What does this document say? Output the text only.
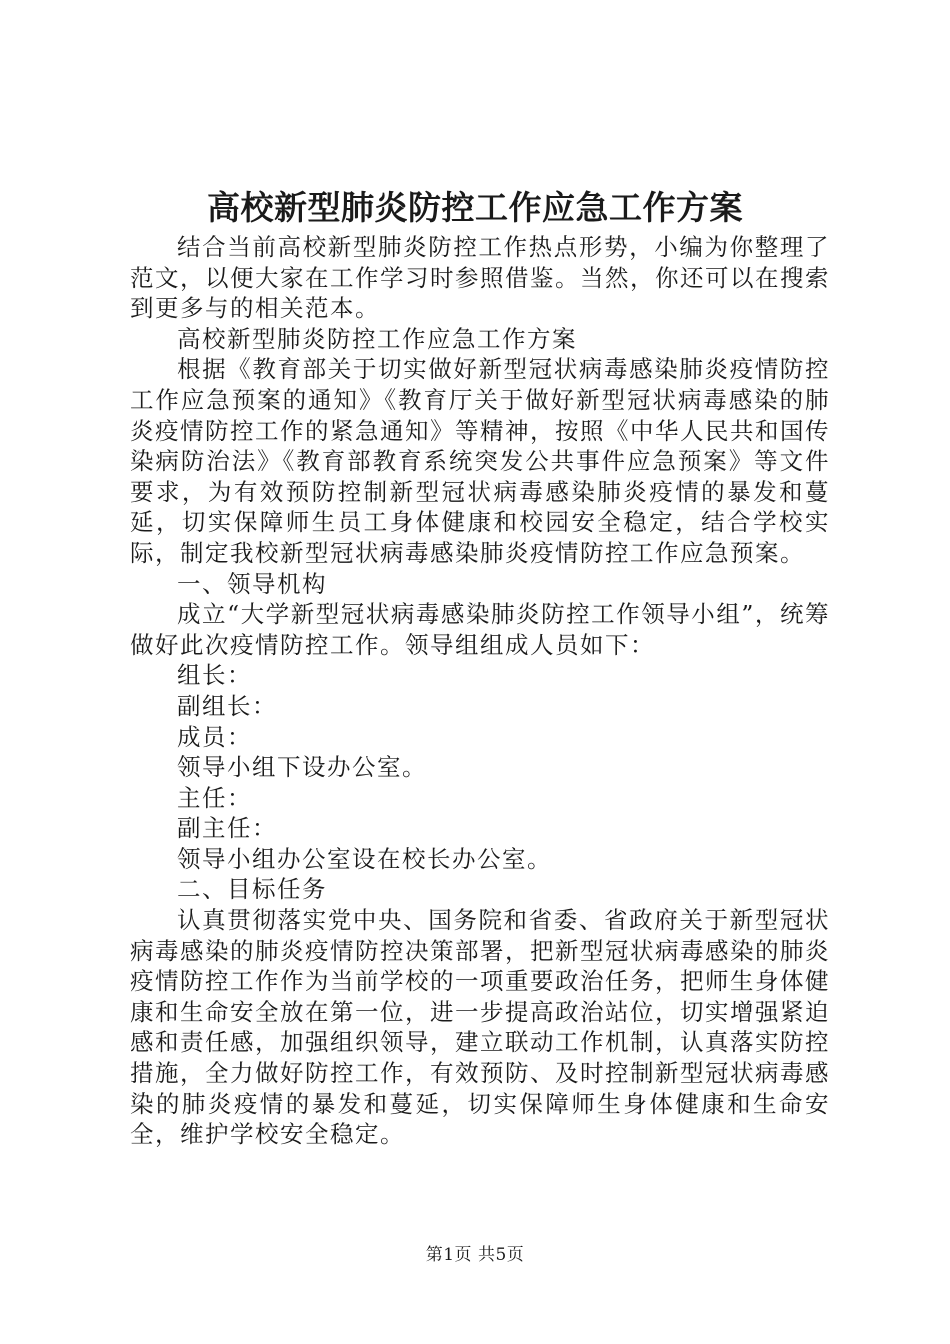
高校新型肺炎防控工作应急工作方案

结合当前高校新型肺炎防控工作热点形势，小编为你整理了范文，以便大家在工作学习时参照借鉴。当然，你还可以在搜索到更多与的相关范本。

高校新型肺炎防控工作应急工作方案

根据《教育部关于切实做好新型冠状病毒感染肺炎疫情防控工作应急预案的通知》《教育厅关于做好新型冠状病毒感染的肺炎疫情防控工作的紧急通知》等精神，按照《中华人民共和国传染病防治法》《教育部教育系统突发公共事件应急预案》等文件要求，为有效预防控制新型冠状病毒感染肺炎疫情的暴发和蔓延，切实保障师生员工身体健康和校园安全稳定，结合学校实际，制定我校新型冠状病毒感染肺炎疫情防控工作应急预案。

一、领导机构

成立“大学新型冠状病毒感染肺炎防控工作领导小组”，统筹做好此次疫情防控工作。领导组组成人员如下：

组长：

副组长：

成员：

领导小组下设办公室。

主任：

副主任：

领导小组办公室设在校长办公室。

二、目标任务

认真贯彻落实党中央、国务院和省委、省政府关于新型冠状病毒感染的肺炎疫情防控决策部署，把新型冠状病毒感染的肺炎疫情防控工作作为当前学校的一项重要政治任务，把师生身体健康和生命安全放在第一位，进一步提高政治站位，切实增强紧迫感和责任感，加强组织领导，建立联动工作机制，认真落实防控措施，全力做好防控工作，有效预防、及时控制新型冠状病毒感染的肺炎疫情的暴发和蔓延，切实保障师生身体健康和生命安全，维护学校安全稳定。

第1页 共5页
